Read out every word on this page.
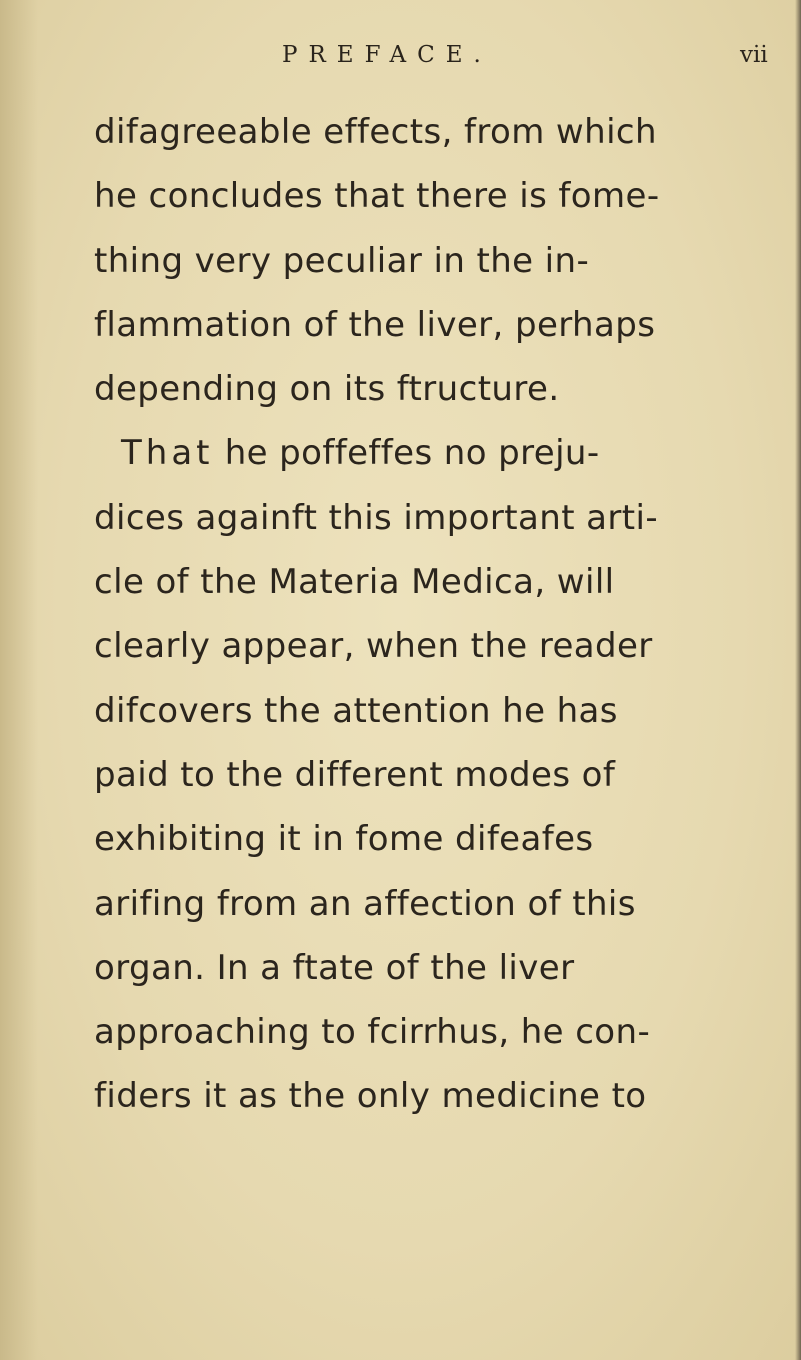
PREFACE.	vii
difagreeable effects, from which
he concludes that there is fome-
thing very peculiar in the in-
flammation of the liver, perhaps
depending on its ftructure.
That he poffeffes no preju-
dices againft this important arti-
cle of the Materia Medica, will
clearly appear, when the reader
difcovers the attention he has
paid to the different modes of
exhibiting it in fome difeafes
arifing from an affection of this
organ. In a ftate of the liver
approaching to fcirrhus, he con-
fiders it as the only medicine to
